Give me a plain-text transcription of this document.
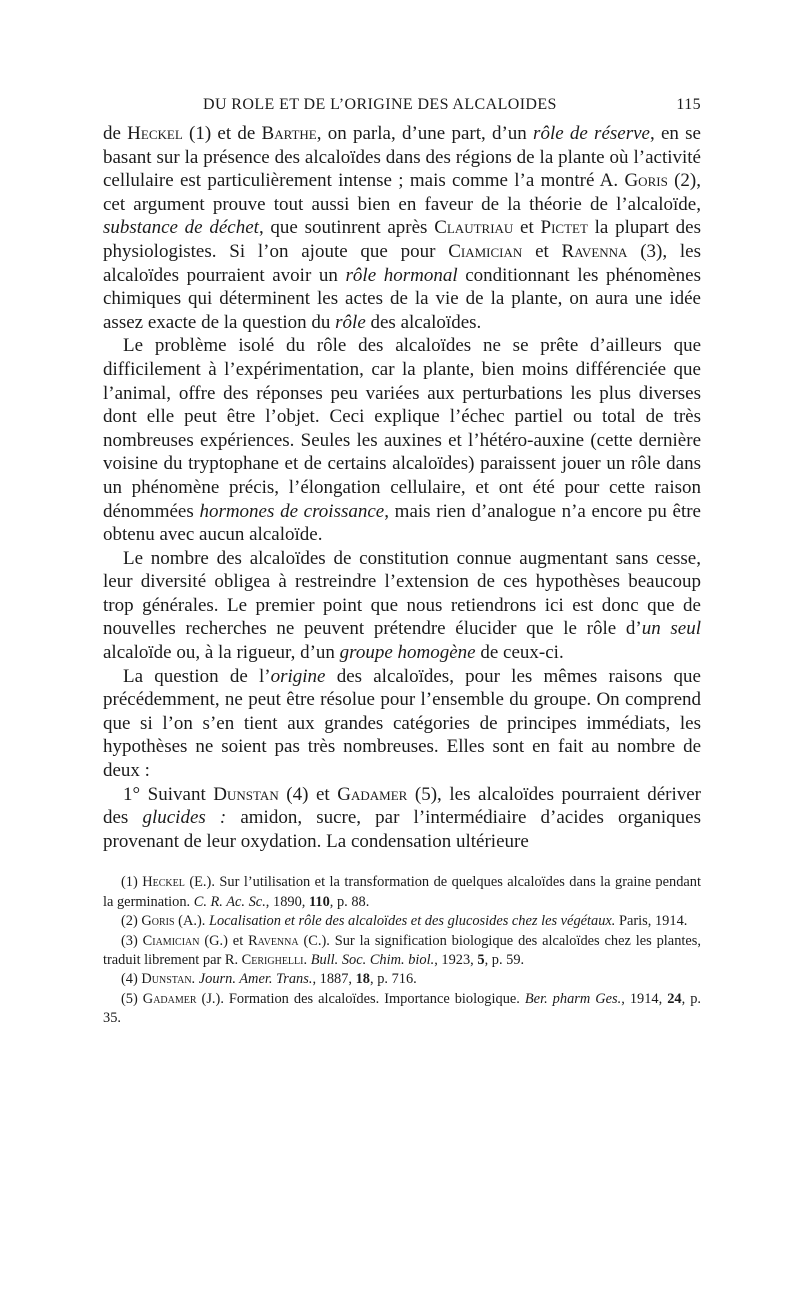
DU ROLE ET DE L’ORIGINE DES ALCALOIDES	115

de Heckel (1) et de Barthe, on parla, d’une part, d’un rôle de réserve, en se basant sur la présence des alcaloïdes dans des régions de la plante où l’activité cellulaire est particulièrement intense ; mais comme l’a montré A. Goris (2), cet argument prouve tout aussi bien en faveur de la théorie de l’alcaloïde, substance de déchet, que soutinrent après Clautriau et Pictet la plupart des physiologistes. Si l’on ajoute que pour Ciamician et Ravenna (3), les alcaloïdes pourraient avoir un rôle hormonal conditionnant les phénomènes chimiques qui déterminent les actes de la vie de la plante, on aura une idée assez exacte de la question du rôle des alcaloïdes.

Le problème isolé du rôle des alcaloïdes ne se prête d’ailleurs que difficilement à l’expérimentation, car la plante, bien moins différenciée que l’animal, offre des réponses peu variées aux perturbations les plus diverses dont elle peut être l’objet. Ceci explique l’échec partiel ou total de très nombreuses expériences. Seules les auxines et l’hétéro-auxine (cette dernière voisine du tryptophane et de certains alcaloïdes) paraissent jouer un rôle dans un phénomène précis, l’élongation cellulaire, et ont été pour cette raison dénommées hormones de croissance, mais rien d’analogue n’a encore pu être obtenu avec aucun alcaloïde.

Le nombre des alcaloïdes de constitution connue augmentant sans cesse, leur diversité obligea à restreindre l’extension de ces hypothèses beaucoup trop générales. Le premier point que nous retiendrons ici est donc que de nouvelles recherches ne peuvent prétendre élucider que le rôle d’un seul alcaloïde ou, à la rigueur, d’un groupe homogène de ceux-ci.

La question de l’origine des alcaloïdes, pour les mêmes raisons que précédemment, ne peut être résolue pour l’ensemble du groupe. On comprend que si l’on s’en tient aux grandes catégories de principes immédiats, les hypothèses ne soient pas très nombreuses. Elles sont en fait au nombre de deux :

1° Suivant Dunstan (4) et Gadamer (5), les alcaloïdes pourraient dériver des glucides : amidon, sucre, par l’intermédiaire d’acides organiques provenant de leur oxydation. La condensation ultérieure

(1) Heckel (E.). Sur l’utilisation et la transformation de quelques alcaloïdes dans la graine pendant la germination. C. R. Ac. Sc., 1890, 110, p. 88.

(2) Goris (A.). Localisation et rôle des alcaloïdes et des glucosides chez les végétaux. Paris, 1914.

(3) Ciamician (G.) et Ravenna (C.). Sur la signification biologique des alcaloïdes chez les plantes, traduit librement par R. Cerighelli. Bull. Soc. Chim. biol., 1923, 5, p. 59.

(4) Dunstan. Journ. Amer. Trans., 1887, 18, p. 716.

(5) Gadamer (J.). Formation des alcaloïdes. Importance biologique. Ber. pharm Ges., 1914, 24, p. 35.
